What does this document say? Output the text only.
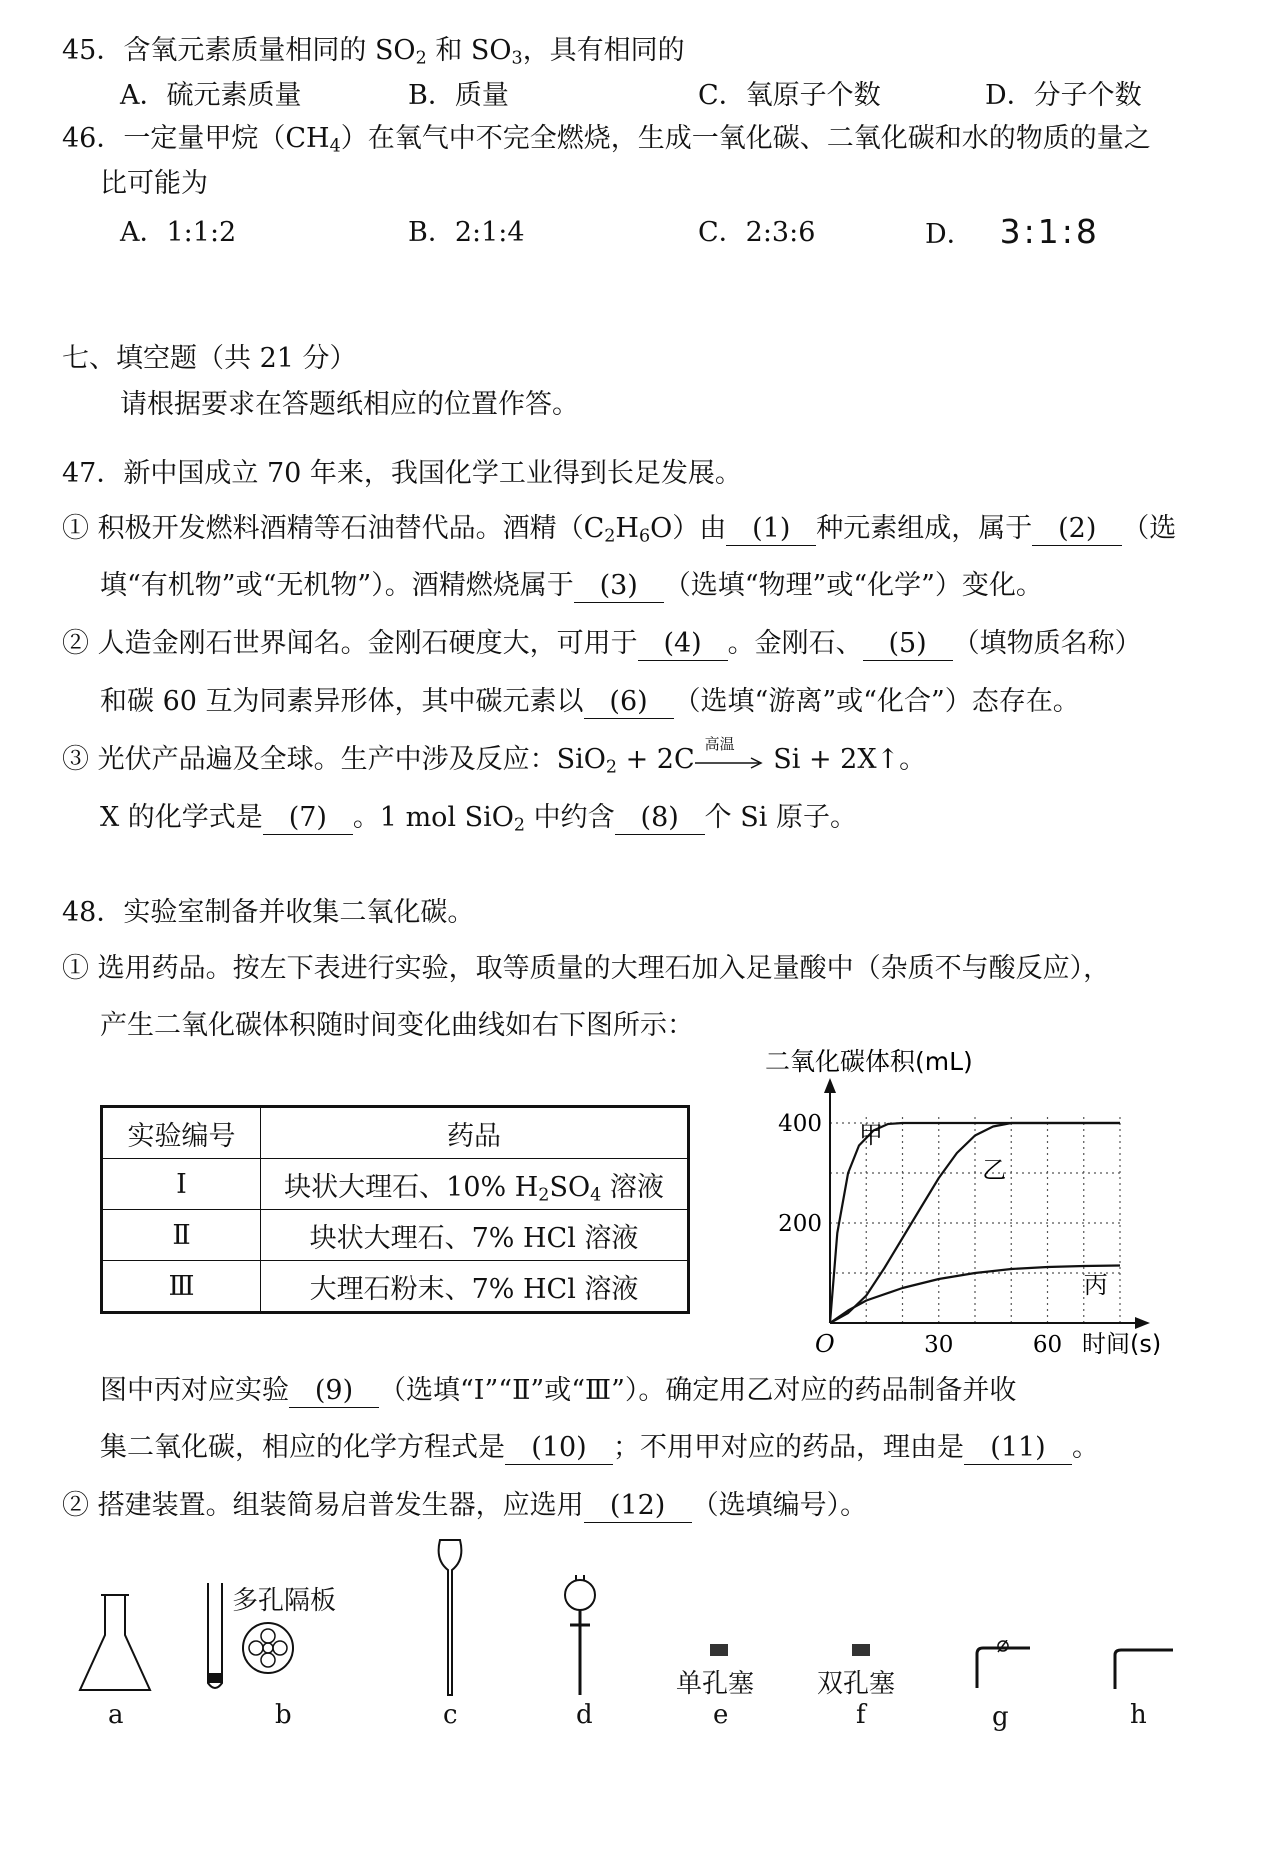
45．含氧元素质量相同的 $SO_2$ 和 $SO_3$，具有相同的
A．硫元素质量	B．质量	C．氧原子个数	D．分子个数
46．一定量甲烷$(CH_4)$在氧气中不完全燃烧，生成一氧化碳、二氧化碳和水的物质的量之
比可能为
A．1:1:2	B．2:1:4	C．2:3:6	D． 3:1:8
七、填空题（共 21 分）
请根据要求在答题纸相应的位置作答。
47．新中国成立 70 年来，我国化学工业得到长足发展。
① 积极开发燃料酒精等石油替代品。酒精$(C_2H_6O)$由 (1) 种元素组成，属于 (2) （选
填“有机物”或“无机物”）。酒精燃烧属于 (3) （选填“物理”或“化学”）变化。
② 人造金刚石世界闻名。金刚石硬度大，可用于 (4) 。金刚石、 (5) （填物质名称）
和碳 60 互为同素异形体，其中碳元素以 (6) （选填“游离”或“化合”）态存在。
③ 光伏产品遍及全球。生产中涉及反应：SiO$_2$ + 2C
高温
Si + 2X↑。
X 的化学式是 (7) 。1 mol SiO$_2$ 中约含 (8) 个 Si 原子。
48．实验室制备并收集二氧化碳。
① 选用药品。按左下表进行实验，取等质量的大理石加入足量酸中（杂质不与酸反应），
产生二氧化碳体积随时间变化曲线如右下图所示：
实验编号	药品
Ⅰ	块状大理石、10% $H_2SO_4$ 溶液
Ⅱ	块状大理石、7% HCl 溶液
Ⅲ	大理石粉末、7% HCl 溶液
二氧化碳体积(mL)
200
400
30	60
O	时间(s)
甲
乙
丙
图中丙对应实验 (9) （选填“Ⅰ”“Ⅱ”或“Ⅲ”）。确定用乙对应的药品制备并收
集二氧化碳，相应的化学方程式是 (10) ；不用甲对应的药品，理由是 (11) 。
② 搭建装置。组装简易启普发生器，应选用 (12) （选填编号）。
多孔隔板
单孔塞 双孔塞
a	b	c	d	e	f	g	h
